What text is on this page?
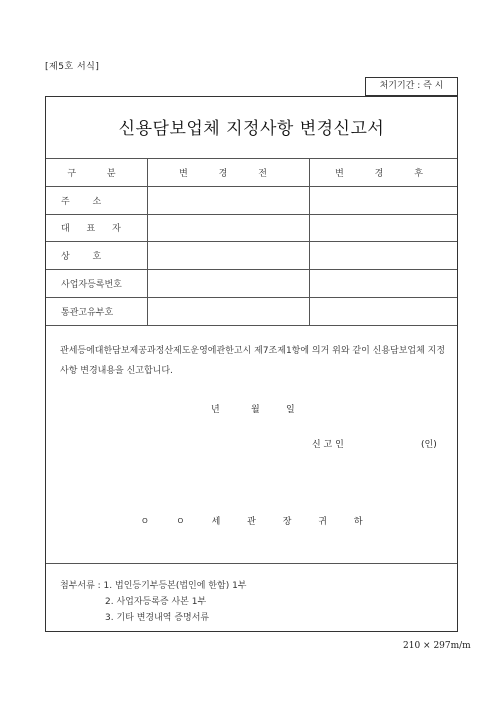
[제5호 서식]
처기기간 : 즉 시
신용담보업체 지정사항 변경신고서
구 분	변 경 전	변 경 후
주 소
대 표 자
상 호
사업자등록번호
통관고유부호
관세등에대한담보제공과정산제도운영에관한고시 제7조제1항에 의거 위와 같이 신용담보업체 지정사항 변경내용을 신고합니다.
년	월	일
신 고 인	(인)
ㅇ ㅇ 세 관 장 귀 하
첨부서류 : 1. 법인등기부등본(법인에 한함) 1부
2. 사업자등록증 사본 1부
3. 기타 변경내역 증명서류
210 × 297m/m
